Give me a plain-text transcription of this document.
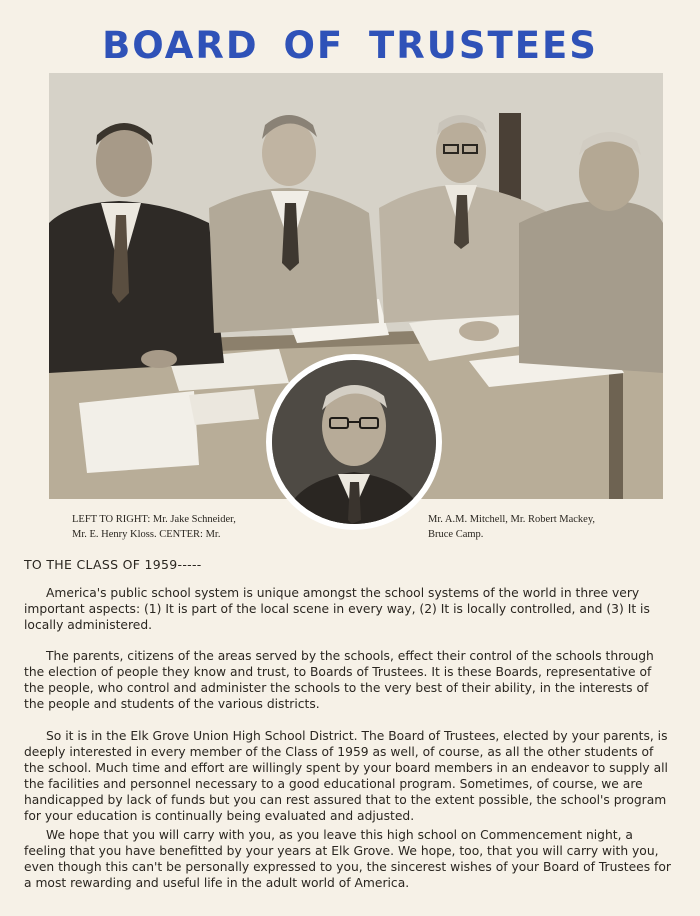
BOARD OF TRUSTEES
LEFT TO RIGHT: Mr. Jake Schneider,
Mr. E. Henry Kloss. CENTER: Mr.
Mr. A.M. Mitchell, Mr. Robert Mackey,
Bruce Camp.
TO THE CLASS OF 1959-----

America's public school system is unique amongst the school systems of the world in three very important aspects: (1) It is part of the local scene in every way, (2) It is locally controlled, and (3) It is locally administered.

The parents, citizens of the areas served by the schools, effect their control of the schools through the election of people they know and trust, to Boards of Trustees. It is these Boards, representative of the people, who control and administer the schools to the very best of their ability, in the interests of the people and students of the various districts.

So it is in the Elk Grove Union High School District. The Board of Trustees, elected by your parents, is deeply interested in every member of the Class of 1959 as well, of course, as all the other students of the school. Much time and effort are willingly spent by your board members in an endeavor to supply all the facilities and personnel necessary to a good educational program. Sometimes, of course, we are handicapped by lack of funds but you can rest assured that to the extent possible, the school's program for your education is continually being evaluated and adjusted.

We hope that you will carry with you, as you leave this high school on Commencement night, a feeling that you have benefitted by your years at Elk Grove. We hope, too, that you will carry with you, even though this can't be personally expressed to you, the sincerest wishes of your Board of Trustees for a most rewarding and useful life in the adult world of America.
